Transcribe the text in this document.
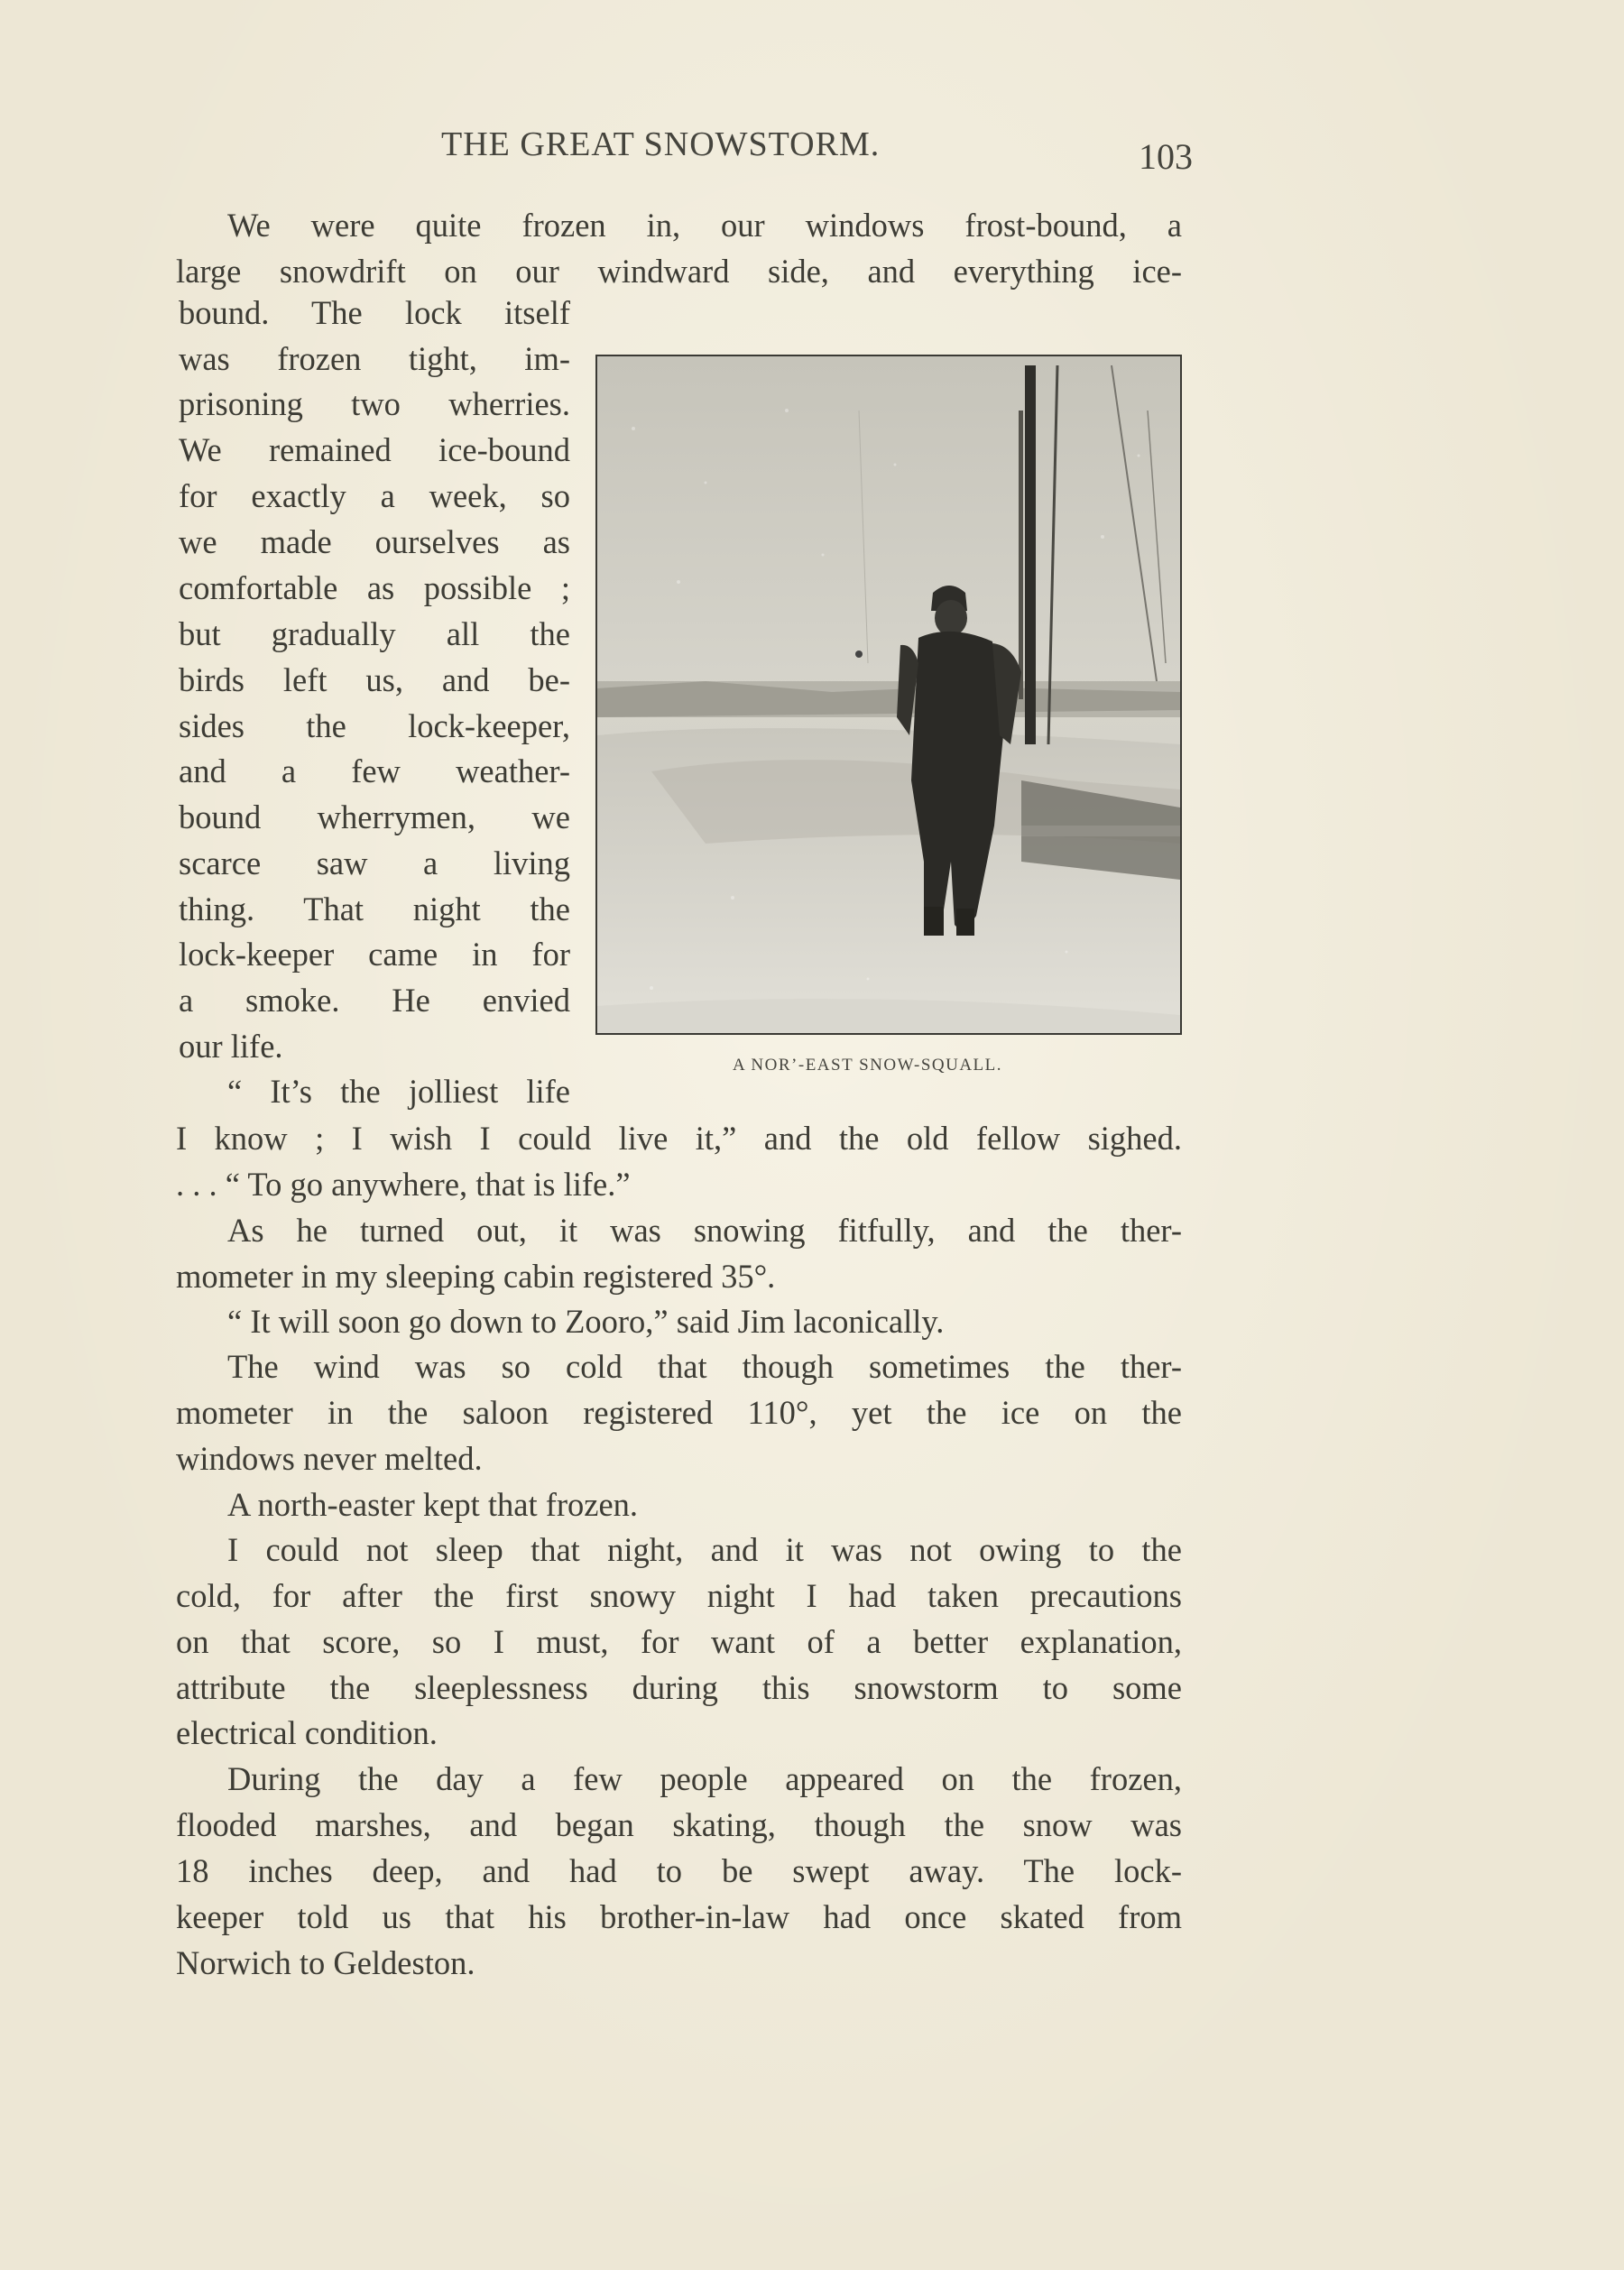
THE GREAT SNOWSTORM.	103
We were quite frozen in, our windows frost-bound, a
large snowdrift on our windward side, and everything ice-
bound. The lock itself
was frozen tight, im-
prisoning two wherries.
We remained ice-bound
for exactly a week, so
we made ourselves as
comfortable as possible ;
but gradually all the
birds left us, and be-
sides the lock-keeper,
and a few weather-
bound wherrymen, we
scarce saw a living
thing. That night the
lock-keeper came in for
a smoke. He envied
our life.
“ It’s the jolliest life
I know ; I wish I could live it,” and the old fellow sighed.
. . . “ To go anywhere, that is life.”
As he turned out, it was snowing fitfully, and the ther-
mometer in my sleeping cabin registered 35°.
“ It will soon go down to Zooro,” said Jim laconically.
The wind was so cold that though sometimes the ther-
mometer in the saloon registered 110°, yet the ice on the
windows never melted.
A north-easter kept that frozen.
I could not sleep that night, and it was not owing to the
cold, for after the first snowy night I had taken precautions
on that score, so I must, for want of a better explanation,
attribute the sleeplessness during this snowstorm to some
electrical condition.
During the day a few people appeared on the frozen,
flooded marshes, and began skating, though the snow was
18 inches deep, and had to be swept away. The lock-
keeper told us that his brother-in-law had once skated from
Norwich to Geldeston.
A NOR’-EAST SNOW-SQUALL.
